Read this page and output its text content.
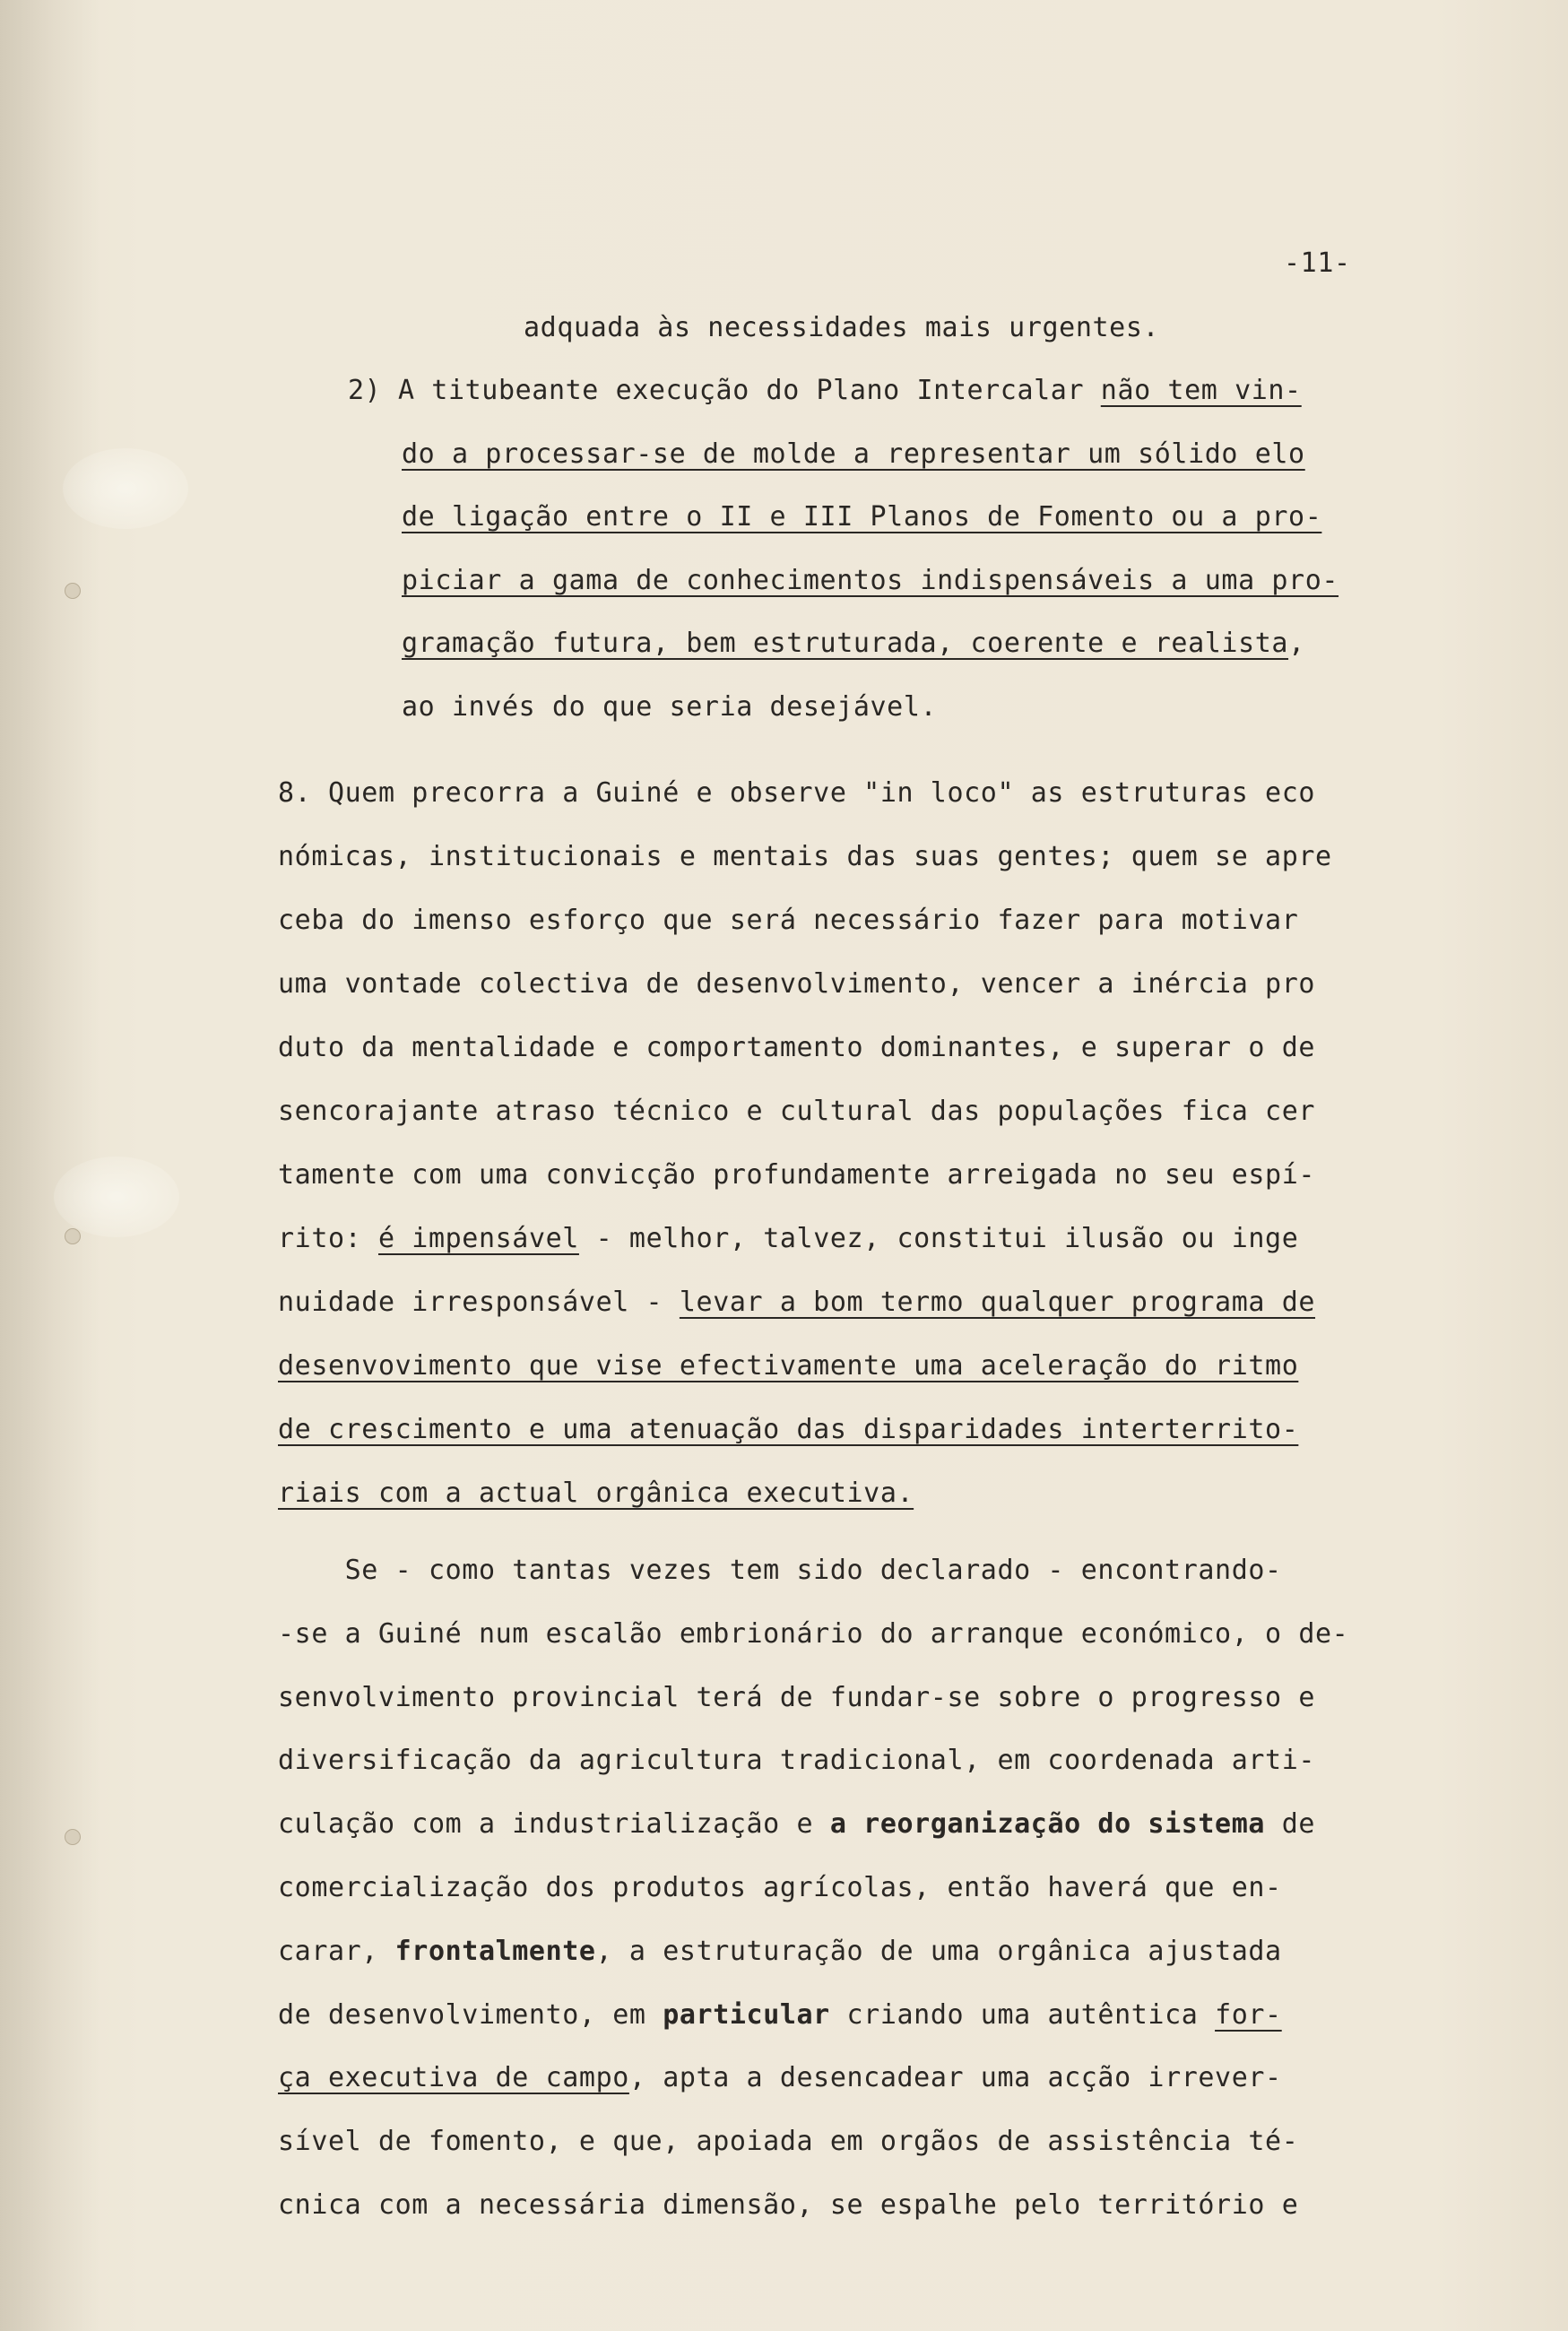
-11-
adquada às necessidades mais urgentes.
2) A titubeante execução do Plano Intercalar não tem vin-
do a processar-se de molde a representar um sólido elo
de ligação entre o II e III Planos de Fomento ou a pro-
piciar a gama de conhecimentos indispensáveis a uma pro-
gramação futura, bem estruturada, coerente e realista,
ao invés do que seria desejável.
8. Quem precorra a Guiné e observe "in loco" as estruturas eco
nómicas, institucionais e mentais das suas gentes; quem se apre
ceba do imenso esforço que será necessário fazer para motivar
uma vontade colectiva de desenvolvimento, vencer a inércia pro
duto da mentalidade e comportamento dominantes, e superar o de
sencorajante atraso técnico e cultural das populações fica cer
tamente com uma convicção profundamente arreigada no seu espí-
rito: é impensável - melhor, talvez, constitui ilusão ou inge
nuidade irresponsável - levar a bom termo qualquer programa de
desenvovimento que vise efectivamente uma aceleração do ritmo
de crescimento e uma atenuação das disparidades interterrito-
riais com a actual orgânica executiva.
Se - como tantas vezes tem sido declarado - encontrando-
-se a Guiné num escalão embrionário do arranque económico, o de-
senvolvimento provincial terá de fundar-se sobre o progresso e
diversificação da agricultura tradicional, em coordenada arti-
culação com a industrialização e a reorganização do sistema de
comercialização dos produtos agrícolas, então haverá que en-
carar, frontalmente, a estruturação de uma orgânica ajustada
de desenvolvimento, em particular criando uma autêntica for-
ça executiva de campo, apta a desencadear uma acção irrever-
sível de fomento, e que, apoiada em orgãos de assistência té-
cnica com a necessária dimensão, se espalhe pelo território e
